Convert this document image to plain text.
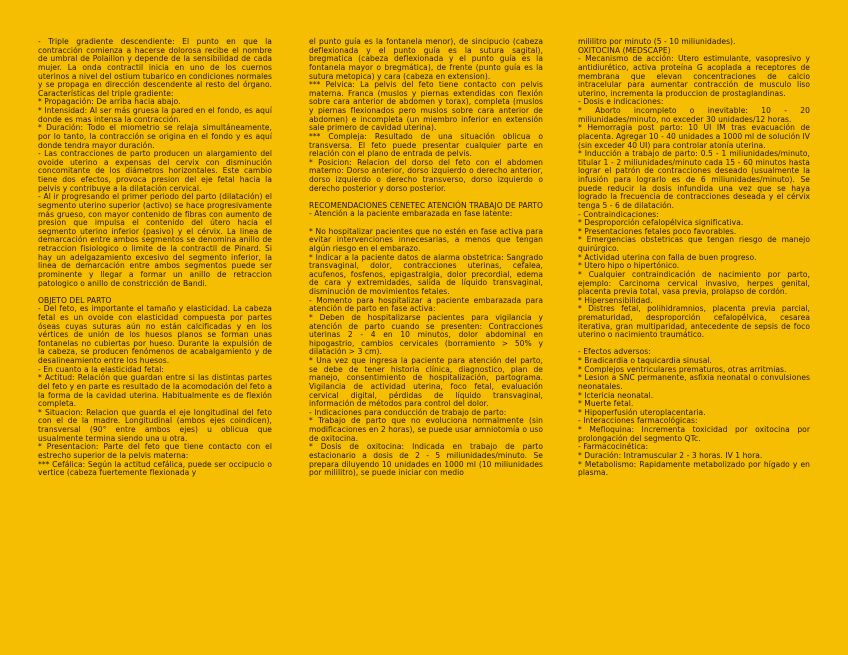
- Triple gradiente descendiente: El punto en que la contracción comienza a hacerse dolorosa recibe el nombre de umbral de Polaillon y depende de la sensibilidad de cada mujer. La onda contractil inicia en uno de los cuernos uterinos a nivel del ostium tubarico en condiciones normales y se propaga en dirección descendente al resto del órgano. Características del triple gradiente:

* Propagación: De arriba hacia abajo.

* Intensidad: Al ser más gruesa la pared en el fondo, es aquí donde es mas intensa la contracción.

* Duración: Todo el miometrio se relaja simultáneamente, por lo tanto, la contracción se origina en el fondo y es aquí donde tendra mayor duración.

- Las contracciones de parto producen un alargamiento del ovoide uterino a expensas del cervix con disminución concomitante de los diámetros horizontales. Este cambio tiene dos efectos, provoca presion del eje fetal hacia la pelvis y contribuye a la dilatación cervical.

- Al ir progresando el primer periodo del parto (dilatación) el segmento uterino superior (activo) se hace progresivamente más grueso, con mayor contenido de fibras con aumento de presion que impulsa el contenido del útero hacia el segmento uterino inferior (pasivo) y el cérvix. La linea de demarcación entre ambos segmentos se denomina anillo de retraccion fisiologico o limite de la contractil de Pinard. Si hay un adelgazamiento excesivo del segmento inferior, la linea de demarcación entre ambos segmentos puede ser prominente y llegar a formar un anillo de retraccion patologico o anillo de constricción de Bandi.

OBJETO DEL PARTO

- Del feto, es importante el tamaño y elasticidad. La cabeza fetal es un ovoide con elasticidad compuesta por partes óseas cuyas suturas aún no están calcificadas y en los vértices de unión de los huesos planos se forman unas fontanelas no cubiertas por hueso. Durante la expulsión de la cabeza, se producen fenómenos de acabalgamiento y de desalineamiento entre los huesos.

- En cuanto a la elasticidad fetal:

* Actitud: Relación que guardan entre si las distintas partes del feto y en parte es resultado de la acomodación del feto a la forma de la cavidad uterina. Habitualmente es de flexión completa.

* Situacion: Relacion que guarda el eje longitudinal del feto con el de la madre. Longitudinal (ambos ejes coindicen), transversal (90° entre ambos ejes) u oblicua que usualmente termina siendo una u otra.

* Presentacion: Parte del feto que tiene contacto con el estrecho superior de la pelvis materna:

*** Cefálica: Según la actitud cefálica, puede ser occipucio o vertice (cabeza fuertemente flexionada y

el punto guía es la fontanela menor), de sincipucio (cabeza deflexionada y el punto guía es la sutura sagital), bregmatica (cabeza deflexionada y el punto guía es la fontanela mayor o bregmática), de frente (punto guía es la sutura metopica) y cara (cabeza en extension).

*** Pelvica: La pelvis del feto tiene contacto con pelvis materna. Franca (muslos y piernas extendidas con flexión sobre cara anterior de abdomen y torax), completa (muslos y piernas flexionados pero muslos sobre cara anterior de abdomen) e incompleta (un miembro inferior en extensión sale primero de cavidad uterina).

*** Compleja: Resultado de una situación oblicua o transversa. El feto puede presentar cualquier parte en relación con el plano de entrada de pelvis.

* Posicion: Relacion del dorso del feto con el abdomen materno: Dorso anterior, dorso izquierdo o derecho anterior, dorso izquierdo o derecho transverso, dorso izquierdo o derecho posterior y dorso posterior.

RECOMENDACIONES CENETEC ATENCIÓN TRABAJO DE PARTO

- Atención a la paciente embarazada en fase latente:

* No hospitalizar pacientes que no estén en fase activa para evitar intervenciones innecesarias, a menos que tengan algún riesgo en el embarazo.

* Indicar a la paciente datos de alarma obstetrica: Sangrado transvaginal, dolor, contracciones uterinas, cefalea, acufenos, fosfenos, epigastralgia, dolor precordial, edema de cara y extremidades, salida de líquido transvaginal, disminución de movimientos fetales.

- Momento para hospitalizar a paciente embarazada para atención de parto en fase activa:

* Deben de hospitalizarse pacientes para vigilancia y atención de parto cuando se presenten: Contracciones uterinas 2 - 4 en 10 minutos, dolor abdominal en hipogastrio, cambios cervicales (borramiento > 50% y dilatación > 3 cm).

* Una vez que ingresa la paciente para atención del parto, se debe de tener historia clínica, diagnostico, plan de manejo, consentimiento de hospitalización, partograma. Vigilancia de actividad uterina, foco fetal, evaluación cervical digital, pérdidas de líquido transvaginal, información de métodos para control del dolor.

- Indicaciones para conducción de trabajo de parto:

* Trabajo de parto que no evoluciona normalmente (sin modificaciones en 2 horas), se puede usar amniotomía o uso de oxitocina.

* Dosis de oxitocina: Indicada en trabajo de parto estacionario a dosis de 2 - 5 miliunidades/minuto. Se prepara diluyendo 10 unidades en 1000 ml (10 miliunidades por mililitro), se puede iniciar con medio

mililitro por minuto (5 - 10 miliunidades).

OXITOCINA (MEDSCAPE)

- Mecanismo de acción: Utero estimulante, vasopresivo y antidiurético, activa proteína G acoplada a receptores de membrana que elevan concentraciones de calcio intracelular para aumentar contracción de musculo liso uterino, incrementa la produccion de prostaglandinas.

- Dosis e indicaciones:

* Aborto incompleto o inevitable: 10 - 20 miliunidades/minuto, no exceder 30 unidades/12 horas.

* Hemorragia post parto: 10 UI IM tras evacuación de placenta. Agregar 10 - 40 unidades a 1000 ml de solución IV (sin exceder 40 UI) para controlar atonía uterina.

* Inducción a trabajo de parto: 0.5 - 1 miliunidades/minuto, titular 1 - 2 miliunidades/minuto cada 15 - 60 minutos hasta lograr el patrón de contracciones deseado (usualmente la infusión para lograrlo es de 6 miliunidades/minuto). Se puede reducir la dosis infundida una vez que se haya logrado la frecuencia de contracciones deseada y el cérvix tenga 5 - 6 de dilatación.

- Contraindicaciones:

* Desproporción cefalopélvica significativa.

* Presentaciones fetales poco favorables.

* Emergencias obstetricas que tengan riesgo de manejo quirúrgico.

* Actividad uterina con falla de buen progreso.

* Utero hipo o hipertónico.

* Cualquier contraindicación de nacimiento por parto, ejemplo: Carcinoma cervical invasivo, herpes genital, placenta previa total, vasa previa, prolapso de cordón.

* Hipersensibilidad.

* Distres fetal, polihidramnios, placenta previa parcial, prematuridad, desproporción cefalopélvica, cesarea iterativa, gran multiparidad, antecedente de sepsis de foco uterino o nacimiento traumático.

- Efectos adversos:

* Bradicardia o taquicardia sinusal.

* Complejos ventriculares prematuros, otras arritmias.

* Lesion a SNC permanente, asfixia neonatal o convulsiones neonatales.

* Ictericia neonatal.

* Muerte fetal.

* Hipoperfusión uteroplacentaria.

- Interacciones farmacológicas:

* Mefloquina: Incrementa toxicidad por oxitocina por prolongación del segmento QTc.

- Farmacocinética:

* Duración: Intramuscular 2 - 3 horas. IV 1 hora.

* Metabolismo: Rapidamente metabolizado por hígado y en plasma.
